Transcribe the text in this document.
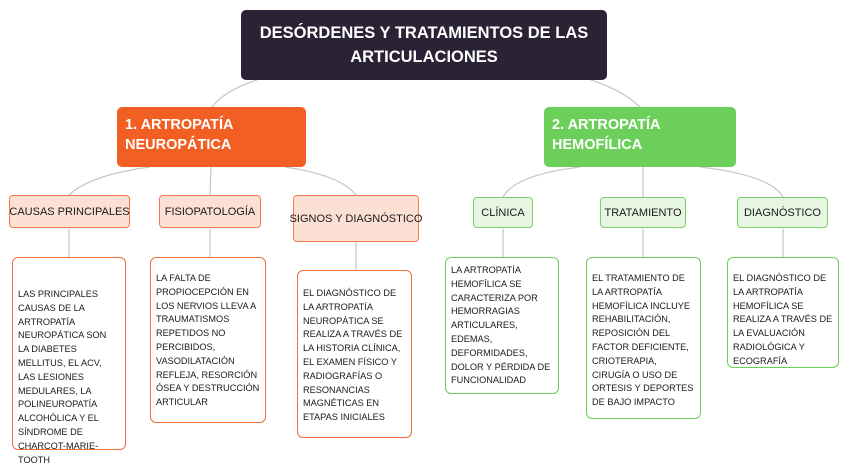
DESÓRDENES Y TRATAMIENTOS DE LAS ARTICULACIONES
1. ARTROPATÍA NEUROPÁTICA
2. ARTROPATÍA HEMOFÍLICA
CAUSAS PRINCIPALES	FISIOPATOLOGÍA
SIGNOS Y DIAGNÓSTICO	CLÍNICA	TRATAMIENTO	DIAGNÓSTICO
LAS PRINCIPALES CAUSAS DE LA ARTROPATÍA NEUROPÁTICA SON LA DIABETES MELLITUS, EL ACV, LAS LESIONES MEDULARES, LA POLINEUROPATÍA ALCOHÓLICA Y EL SÍNDROME DE CHARCOT-MARIE-TOOTH
LA FALTA DE PROPIOCEPCIÓN EN LOS NERVIOS LLEVA A TRAUMATISMOS REPETIDOS NO PERCIBIDOS, VASODILATACIÓN REFLEJA, RESORCIÓN ÓSEA Y DESTRUCCIÓN ARTICULAR
EL DIAGNÓSTICO DE LA ARTROPATÍA NEUROPÁTICA SE REALIZA A TRAVÉS DE LA HISTORIA CLÍNICA, EL EXAMEN FÍSICO Y RADIOGRAFÍAS O RESONANCIAS MAGNÉTICAS EN ETAPAS INICIALES
LA ARTROPATÍA HEMOFÍLICA SE CARACTERIZA POR HEMORRAGIAS ARTICULARES, EDEMAS, DEFORMIDADES, DOLOR Y PÉRDIDA DE FUNCIONALIDAD
EL TRATAMIENTO DE LA ARTROPATÍA HEMOFÍLICA INCLUYE REHABILITACIÓN, REPOSICIÓN DEL FACTOR DEFICIENTE, CRIOTERAPIA, CIRUGÍA O USO DE ORTESIS Y DEPORTES DE BAJO IMPACTO
EL DIAGNÓSTICO DE LA ARTROPATÍA HEMOFÍLICA SE REALIZA A TRAVÉS DE LA EVALUACIÓN RADIOLÓGICA Y ECOGRAFÍA
